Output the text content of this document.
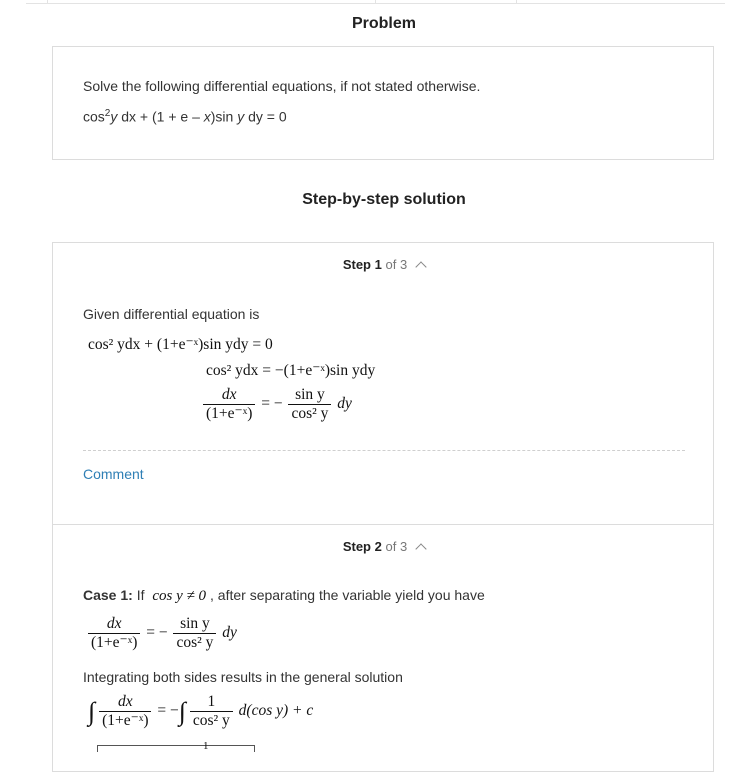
Problem
Solve the following differential equations, if not stated otherwise.
$\cos^2y$ dx + (1 + e – x)sin y dy = 0
Step-by-step solution
Step 1 of 3
Given differential equation is
cos² ydx + (1+e⁻ˣ)sin ydy = 0
cos² ydx = −(1+e⁻ˣ)sin ydy
$\frac{dx}{\text{(1+e⁻ˣ)}}$ = − $\frac{\text{sin y}}{\text{cos² y}}$ dy
Comment
Step 2 of 3
Case 1: If cos y ≠ 0 , after separating the variable yield you have
$\frac{dx}{\text{(1+e⁻ˣ)}}$ = − $\frac{\text{sin y}}{\text{cos² y}}$ dy
Integrating both sides results in the general solution
∫ $\frac{dx}{\text{(1+e⁻ˣ)}}$ = −∫ $\frac{1}{\text{cos² y}} d(\cos$ y) + c
1
